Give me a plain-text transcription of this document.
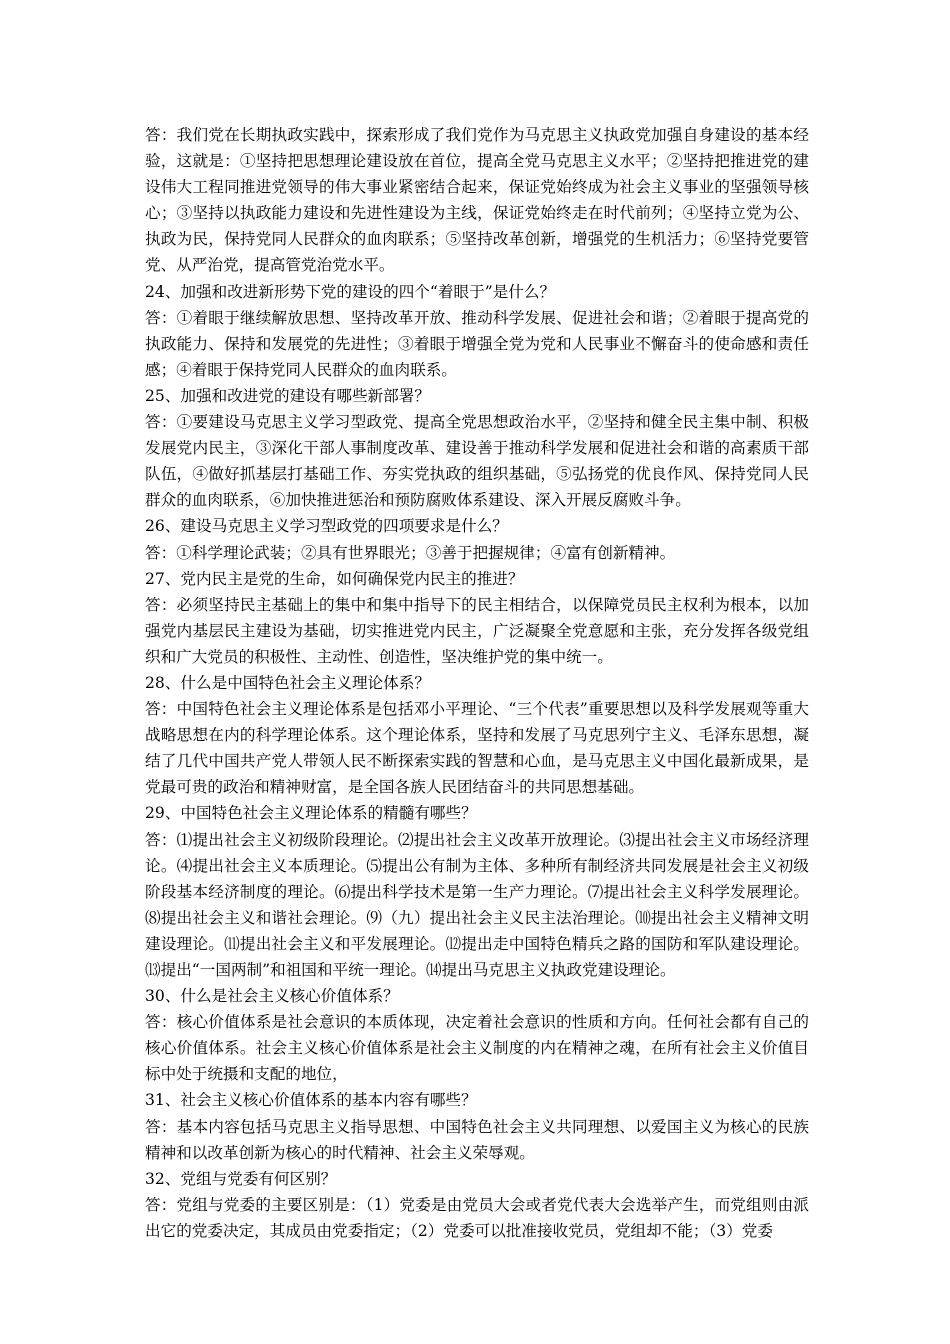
答：我们党在长期执政实践中，探索形成了我们党作为马克思主义执政党加强自身建设的基本经验，这就是：①坚持把思想理论建设放在首位，提高全党马克思主义水平；②坚持把推进党的建设伟大工程同推进党领导的伟大事业紧密结合起来，保证党始终成为社会主义事业的坚强领导核心；③坚持以执政能力建设和先进性建设为主线，保证党始终走在时代前列；④坚持立党为公、执政为民，保持党同人民群众的血肉联系；⑤坚持改革创新，增强党的生机活力；⑥坚持党要管党、从严治党，提高管党治党水平。

24、加强和改进新形势下党的建设的四个“着眼于”是什么？

答：①着眼于继续解放思想、坚持改革开放、推动科学发展、促进社会和谐；②着眼于提高党的执政能力、保持和发展党的先进性；③着眼于增强全党为党和人民事业不懈奋斗的使命感和责任感；④着眼于保持党同人民群众的血肉联系。

25、加强和改进党的建设有哪些新部署？

答：①要建设马克思主义学习型政党、提高全党思想政治水平，②坚持和健全民主集中制、积极发展党内民主，③深化干部人事制度改革、建设善于推动科学发展和促进社会和谐的高素质干部队伍，④做好抓基层打基础工作、夯实党执政的组织基础，⑤弘扬党的优良作风、保持党同人民群众的血肉联系，⑥加快推进惩治和预防腐败体系建设、深入开展反腐败斗争。

26、建设马克思主义学习型政党的四项要求是什么？

答：①科学理论武装；②具有世界眼光；③善于把握规律；④富有创新精神。

27、党内民主是党的生命，如何确保党内民主的推进？

答：必须坚持民主基础上的集中和集中指导下的民主相结合，以保障党员民主权利为根本，以加强党内基层民主建设为基础，切实推进党内民主，广泛凝聚全党意愿和主张，充分发挥各级党组织和广大党员的积极性、主动性、创造性，坚决维护党的集中统一。

28、什么是中国特色社会主义理论体系？

答：中国特色社会主义理论体系是包括邓小平理论、“三个代表”重要思想以及科学发展观等重大战略思想在内的科学理论体系。这个理论体系，坚持和发展了马克思列宁主义、毛泽东思想，凝结了几代中国共产党人带领人民不断探索实践的智慧和心血，是马克思主义中国化最新成果，是党最可贵的政治和精神财富，是全国各族人民团结奋斗的共同思想基础。

29、中国特色社会主义理论体系的精髓有哪些？

答：⑴提出社会主义初级阶段理论。⑵提出社会主义改革开放理论。⑶提出社会主义市场经济理论。⑷提出社会主义本质理论。⑸提出公有制为主体、多种所有制经济共同发展是社会主义初级阶段基本经济制度的理论。⑹提出科学技术是第一生产力理论。⑺提出社会主义科学发展理论。⑻提出社会主义和谐社会理论。⑼（九）提出社会主义民主法治理论。⑽提出社会主义精神文明建设理论。⑾提出社会主义和平发展理论。⑿提出走中国特色精兵之路的国防和军队建设理论。⒀提出“一国两制”和祖国和平统一理论。⒁提出马克思主义执政党建设理论。

30、什么是社会主义核心价值体系？

答：核心价值体系是社会意识的本质体现，决定着社会意识的性质和方向。任何社会都有自己的核心价值体系。社会主义核心价值体系是社会主义制度的内在精神之魂，在所有社会主义价值目标中处于统摄和支配的地位，

31、社会主义核心价值体系的基本内容有哪些？

答：基本内容包括马克思主义指导思想、中国特色社会主义共同理想、以爱国主义为核心的民族精神和以改革创新为核心的时代精神、社会主义荣辱观。

32、党组与党委有何区别？

答：党组与党委的主要区别是：（1）党委是由党员大会或者党代表大会选举产生，而党组则由派出它的党委决定，其成员由党委指定；（2）党委可以批准接收党员，党组却不能；（3）党委
